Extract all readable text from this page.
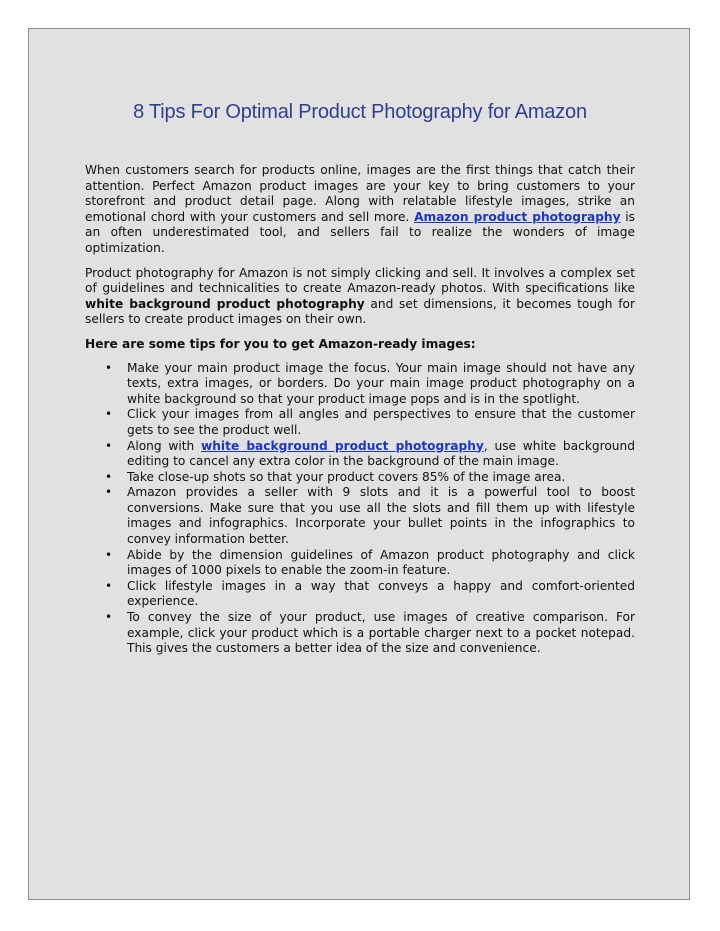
8 Tips For Optimal Product Photography for Amazon

When customers search for products online, images are the first things that catch their attention. Perfect Amazon product images are your key to bring customers to your storefront and product detail page. Along with relatable lifestyle images, strike an emotional chord with your customers and sell more. Amazon product photography is an often underestimated tool, and sellers fail to realize the wonders of image optimization.

Product photography for Amazon is not simply clicking and sell. It involves a complex set of guidelines and technicalities to create Amazon-ready photos. With specifications like white background product photography and set dimensions, it becomes tough for sellers to create product images on their own.

Here are some tips for you to get Amazon-ready images:

• Make your main product image the focus. Your main image should not have any texts, extra images, or borders. Do your main image product photography on a white background so that your product image pops and is in the spotlight.
• Click your images from all angles and perspectives to ensure that the customer gets to see the product well.
• Along with white background product photography, use white background editing to cancel any extra color in the background of the main image.
• Take close-up shots so that your product covers 85% of the image area.
• Amazon provides a seller with 9 slots and it is a powerful tool to boost conversions. Make sure that you use all the slots and fill them up with lifestyle images and infographics. Incorporate your bullet points in the infographics to convey information better.
• Abide by the dimension guidelines of Amazon product photography and click images of 1000 pixels to enable the zoom-in feature.
• Click lifestyle images in a way that conveys a happy and comfort-oriented experience.
• To convey the size of your product, use images of creative comparison. For example, click your product which is a portable charger next to a pocket notepad. This gives the customers a better idea of the size and convenience.
